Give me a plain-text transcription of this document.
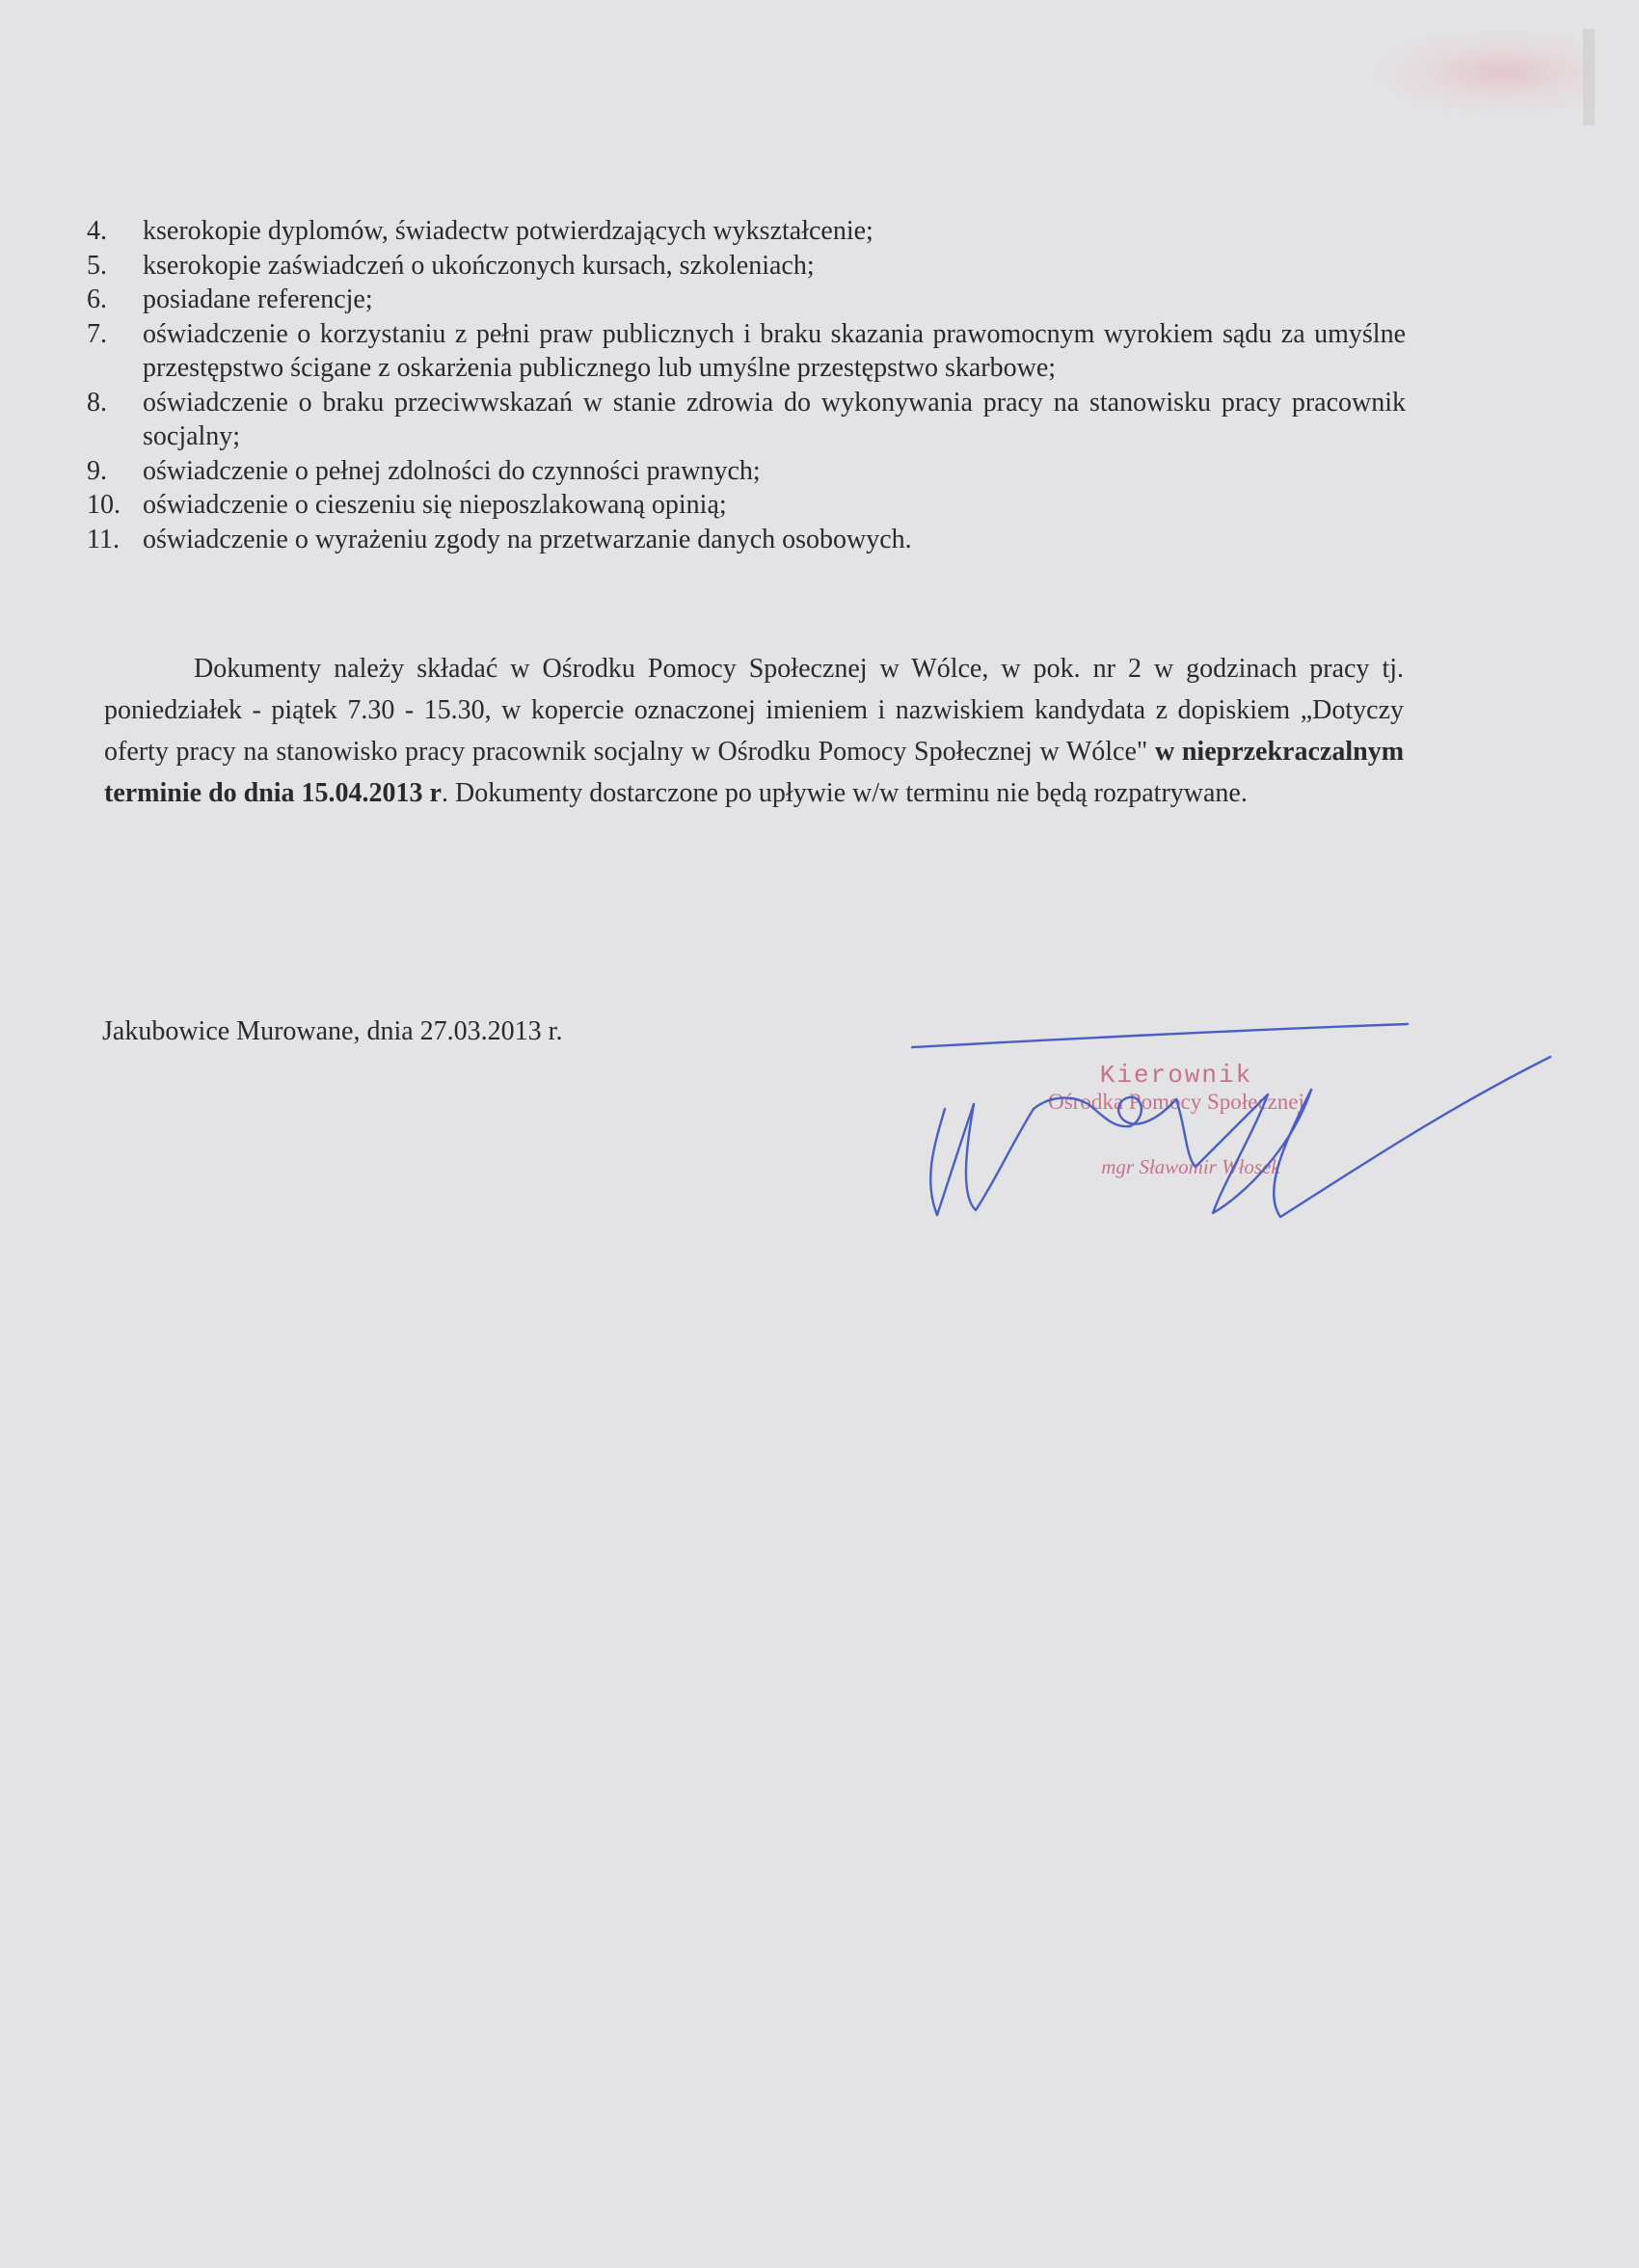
4.	kserokopie dyplomów, świadectw potwierdzających wykształcenie;
5.	kserokopie zaświadczeń o ukończonych kursach, szkoleniach;
6.	posiadane referencje;
7.	oświadczenie o korzystaniu z pełni praw publicznych i braku skazania prawomocnym wyrokiem sądu za umyślne przestępstwo ścigane z oskarżenia publicznego lub umyślne przestępstwo skarbowe;
8.	oświadczenie o braku przeciwwskazań w stanie zdrowia do wykonywania pracy na stanowisku pracy pracownik socjalny;
9.	oświadczenie o pełnej zdolności do czynności prawnych;
10. oświadczenie o cieszeniu się nieposzlakowaną opinią;
11. oświadczenie o wyrażeniu zgody na przetwarzanie danych osobowych.

Dokumenty należy składać w Ośrodku Pomocy Społecznej w Wólce, w pok. nr 2 w godzinach pracy tj. poniedziałek - piątek 7.30 - 15.30, w kopercie oznaczonej imieniem i nazwiskiem kandydata z dopiskiem „Dotyczy oferty pracy na stanowisko pracy pracownik socjalny w Ośrodku Pomocy Społecznej w Wólce" w nieprzekraczalnym terminie do dnia 15.04.2013 r. Dokumenty dostarczone po upływie w/w terminu nie będą rozpatrywane.

Jakubowice Murowane, dnia 27.03.2013 r.
Kierownik
Ośrodka Pomocy Społecznej
mgr Sławomir Włosek
